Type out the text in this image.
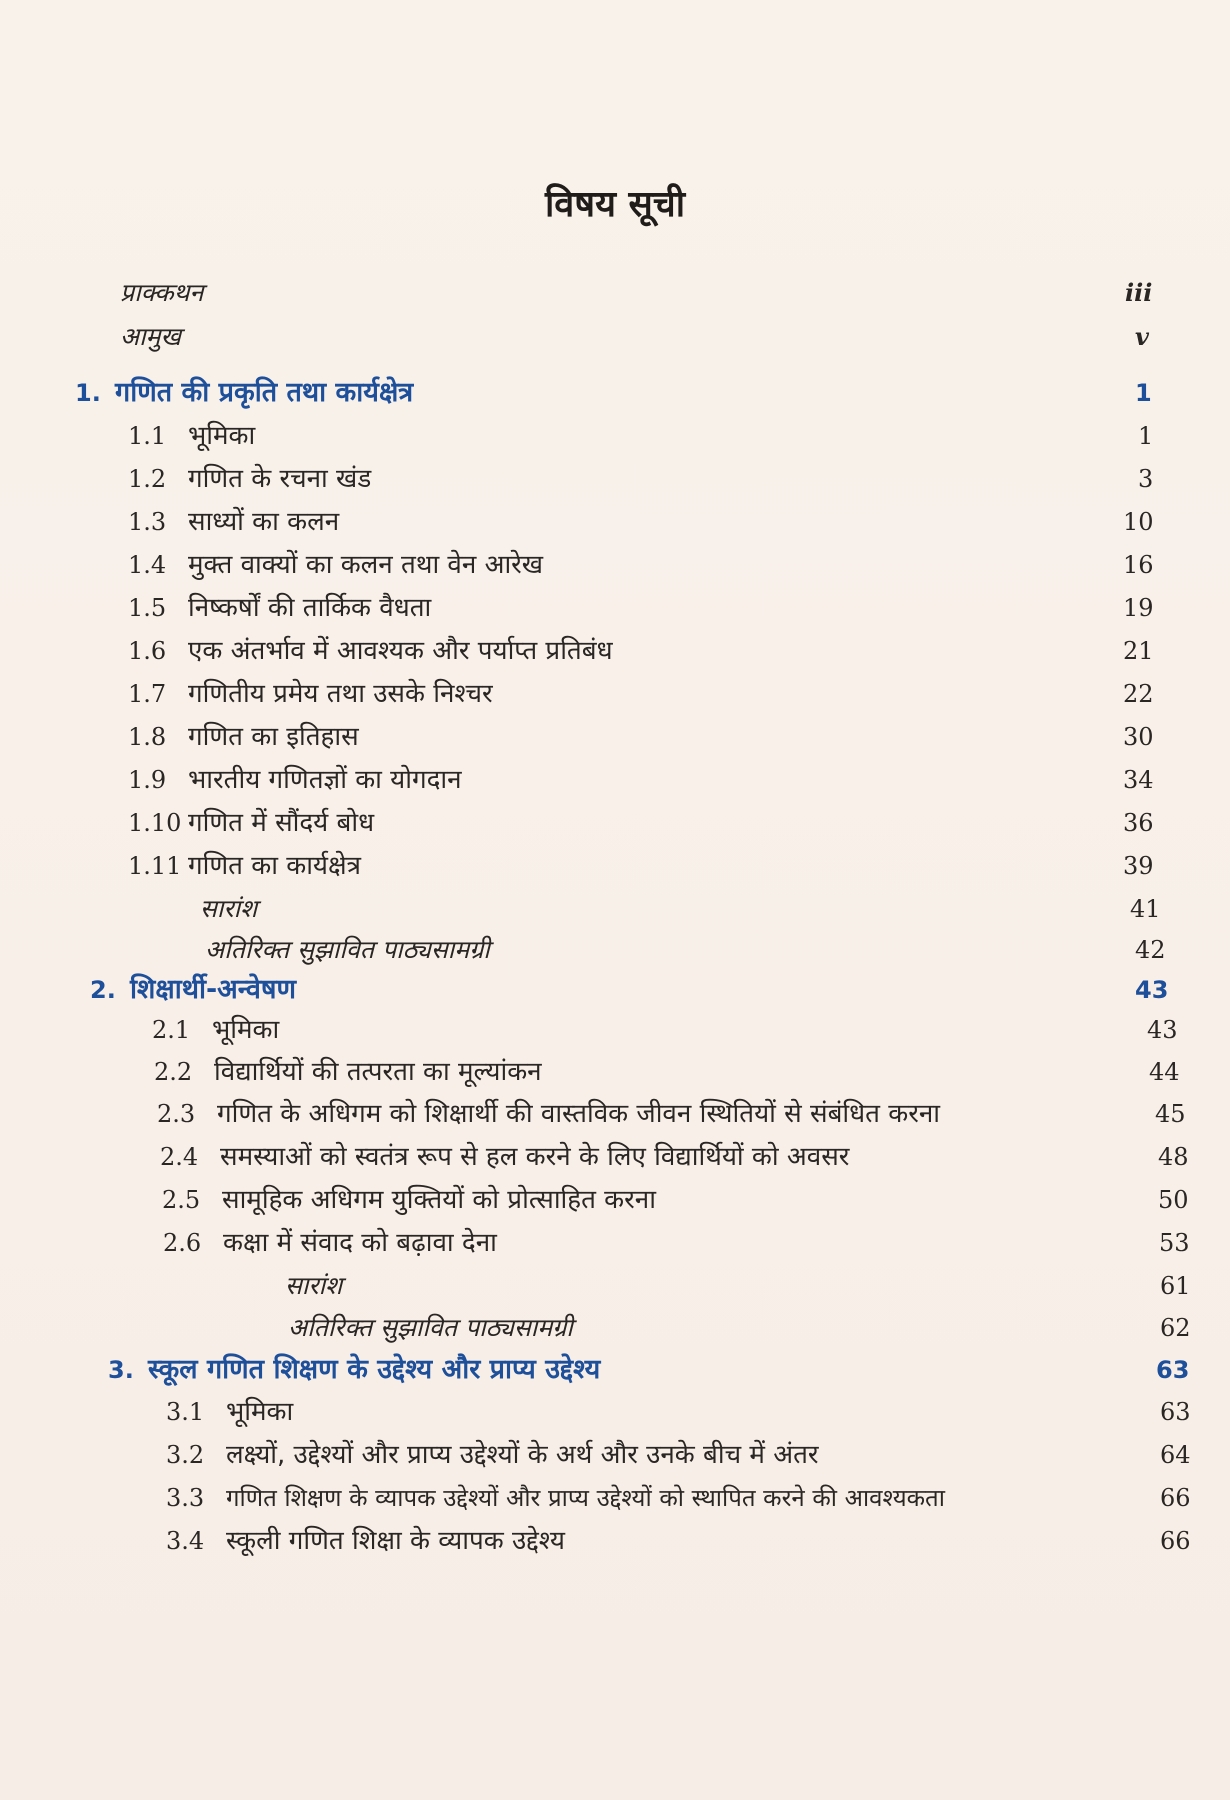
विषय सूची
प्राक्कथन	iii
आमुख	v
1. गणित की प्रकृति तथा कार्यक्षेत्र	1
1.1 भूमिका	1
1.2 गणित के रचना खंड	3
1.3 साध्यों का कलन	10
1.4 मुक्त वाक्यों का कलन तथा वेन आरेख	16
1.5 निष्कर्षों की तार्किक वैधता	19
1.6 एक अंतर्भाव में आवश्यक और पर्याप्त प्रतिबंध	21
1.7 गणितीय प्रमेय तथा उसके निश्चर	22
1.8 गणित का इतिहास	30
1.9 भारतीय गणितज्ञों का योगदान	34
1.10 गणित में सौंदर्य बोध	36
1.11 गणित का कार्यक्षेत्र	39
सारांश	41
अतिरिक्त सुझावित पाठ्यसामग्री	42
2. शिक्षार्थी-अन्वेषण	43
2.1 भूमिका	43
2.2 विद्यार्थियों की तत्परता का मूल्यांकन	44
2.3 गणित के अधिगम को शिक्षार्थी की वास्तविक जीवन स्थितियों से संबंधित करना	45
2.4 समस्याओं को स्वतंत्र रूप से हल करने के लिए विद्यार्थियों को अवसर	48
2.5 सामूहिक अधिगम युक्तियों को प्रोत्साहित करना	50
2.6 कक्षा में संवाद को बढ़ावा देना	53
सारांश	61
अतिरिक्त सुझावित पाठ्यसामग्री	62
3. स्कूल गणित शिक्षण के उद्देश्य और प्राप्य उद्देश्य	63
3.1 भूमिका	63
3.2 लक्ष्यों, उद्देश्यों और प्राप्य उद्देश्यों के अर्थ और उनके बीच में अंतर	64
3.3 गणित शिक्षण के व्यापक उद्देश्यों और प्राप्य उद्देश्यों को स्थापित करने की आवश्यकता	66
3.4 स्कूली गणित शिक्षा के व्यापक उद्देश्य	66
